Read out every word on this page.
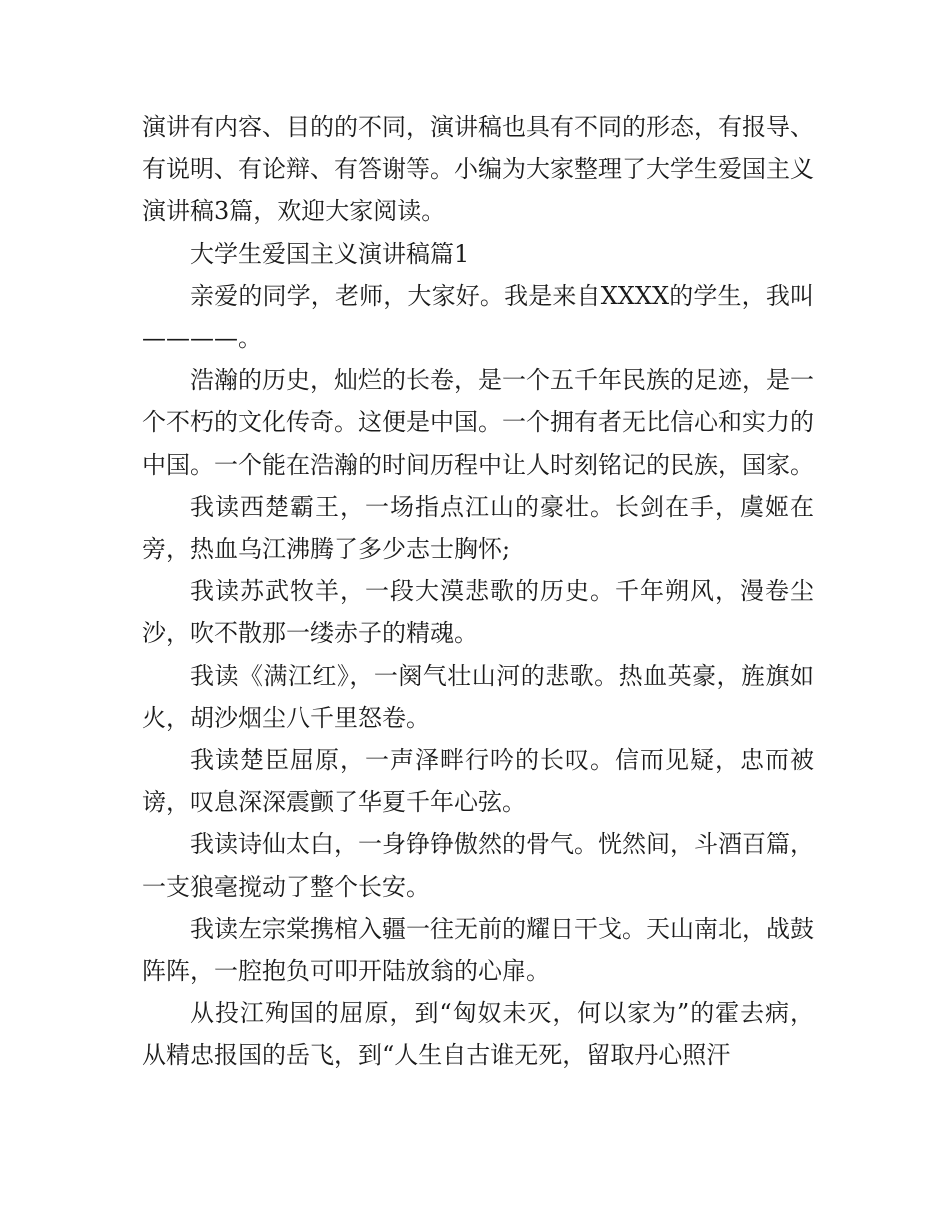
演讲有内容、目的的不同，演讲稿也具有不同的形态，有报导、有说明、有论辩、有答谢等。小编为大家整理了大学生爱国主义演讲稿3篇，欢迎大家阅读。

大学生爱国主义演讲稿篇1

亲爱的同学，老师，大家好。我是来自XXXX的学生，我叫————。

浩瀚的历史，灿烂的长卷，是一个五千年民族的足迹，是一个不朽的文化传奇。这便是中国。一个拥有者无比信心和实力的中国。一个能在浩瀚的时间历程中让人时刻铭记的民族，国家。

我读西楚霸王，一场指点江山的豪壮。长剑在手，虞姬在旁，热血乌江沸腾了多少志士胸怀;

我读苏武牧羊，一段大漠悲歌的历史。千年朔风，漫卷尘沙，吹不散那一缕赤子的精魂。

我读《满江红》，一阕气壮山河的悲歌。热血英豪，旌旗如火，胡沙烟尘八千里怒卷。

我读楚臣屈原，一声泽畔行吟的长叹。信而见疑，忠而被谤，叹息深深震颤了华夏千年心弦。

我读诗仙太白，一身铮铮傲然的骨气。恍然间，斗酒百篇，一支狼毫搅动了整个长安。

我读左宗棠携棺入疆一往无前的耀日干戈。天山南北，战鼓阵阵，一腔抱负可叩开陆放翁的心扉。

从投江殉国的屈原，到“匈奴未灭，何以家为”的霍去病，从精忠报国的岳飞，到“人生自古谁无死，留取丹心照汗
